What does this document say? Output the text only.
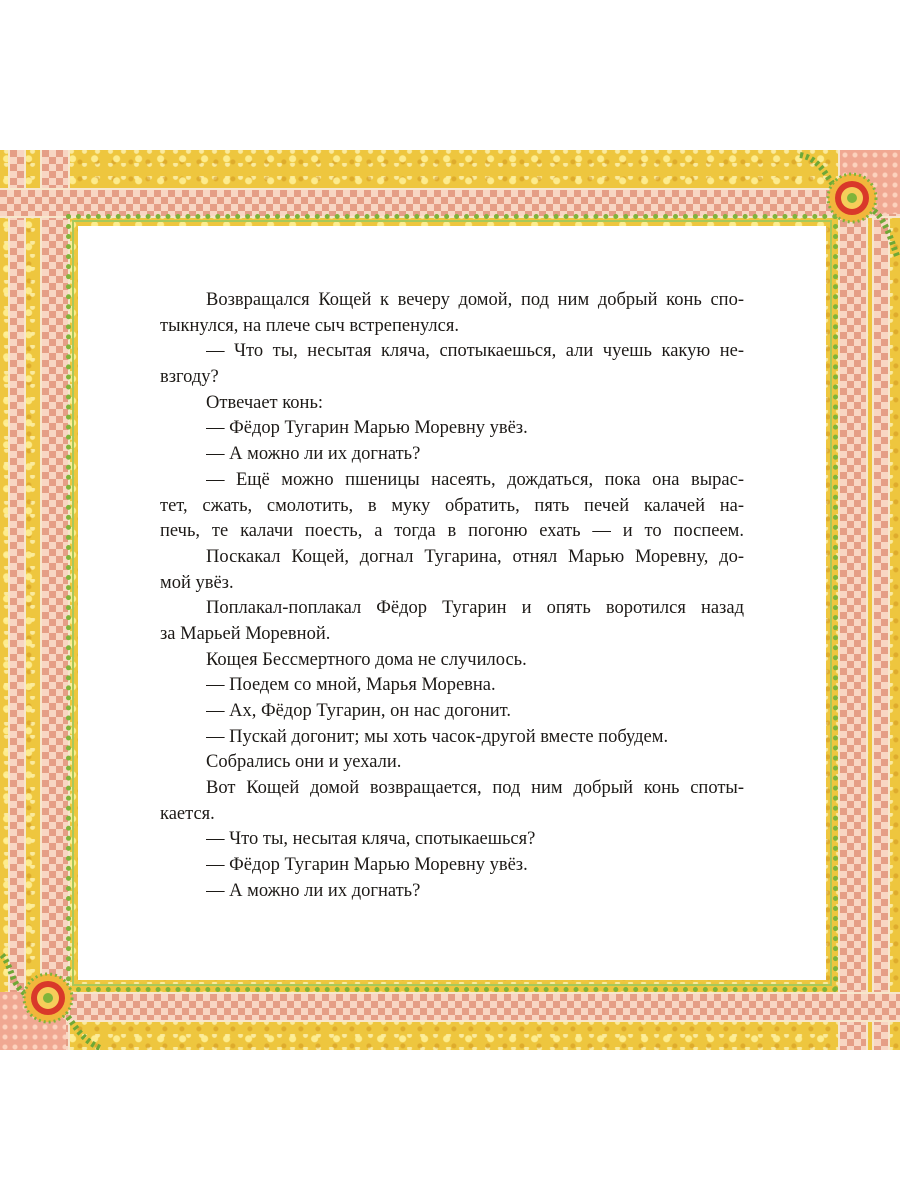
Возвращался Кощей к вечеру домой, под ним добрый конь спо-
тыкнулся, на плече сыч встрепенулся.
— Что ты, несытая кляча, спотыкаешься, али чуешь какую не-
взгоду?
Отвечает конь:
— Фёдор Тугарин Марью Моревну увёз.
— А можно ли их догнать?
— Ещё можно пшеницы насеять, дождаться, пока она вырас-
тет, сжать, смолотить, в муку обратить, пять печей калачей на-
печь, те калачи поесть, а тогда в погоню ехать — и то поспеем.
Поскакал Кощей, догнал Тугарина, отнял Марью Моревну, до-
мой увёз.
Поплакал-поплакал Фёдор Тугарин и опять воротился назад
за Марьей Моревной.
Кощея Бессмертного дома не случилось.
— Поедем со мной, Марья Моревна.
— Ах, Фёдор Тугарин, он нас догонит.
— Пускай догонит; мы хоть часок-другой вместе побудем.
Собрались они и уехали.
Вот Кощей домой возвращается, под ним добрый конь споты-
кается.
— Что ты, несытая кляча, спотыкаешься?
— Фёдор Тугарин Марью Моревну увёз.
— А можно ли их догнать?
